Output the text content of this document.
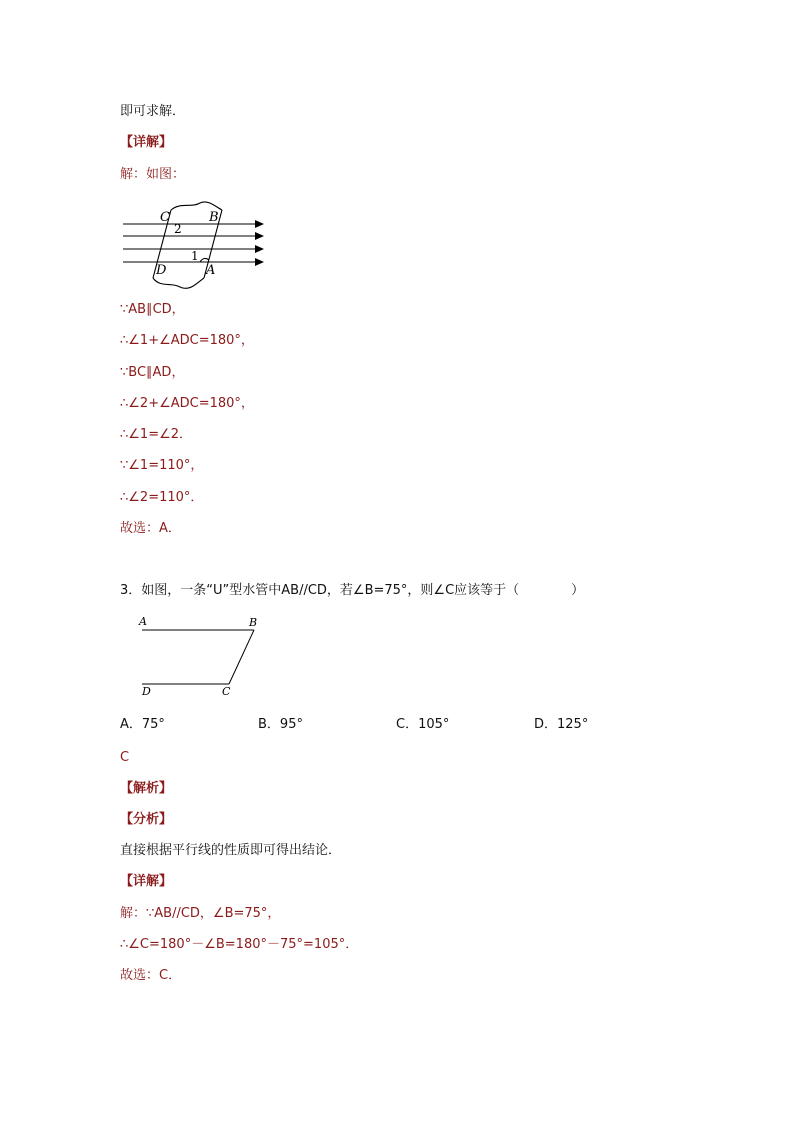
即可求解．
【详解】
解：如图：
C	B
2
1
D	A
∵AB∥CD，
∴∠1+∠ADC=180°，
∵BC∥AD，
∴∠2+∠ADC=180°，
∴∠1=∠2．
∵∠1=110°，
∴∠2=110°．
故选：A．
3．如图，一条“U”型水管中AB//CD，若∠B=75°，则∠C应该等于（　　　　）
A	B
D	C
A．75°	B．95°	C．105°	D．125°
C
【解析】
【分析】
直接根据平行线的性质即可得出结论．
【详解】
解：∵AB//CD，∠B=75°，
∴∠C=180°－∠B=180°－75°=105°．
故选：C．
